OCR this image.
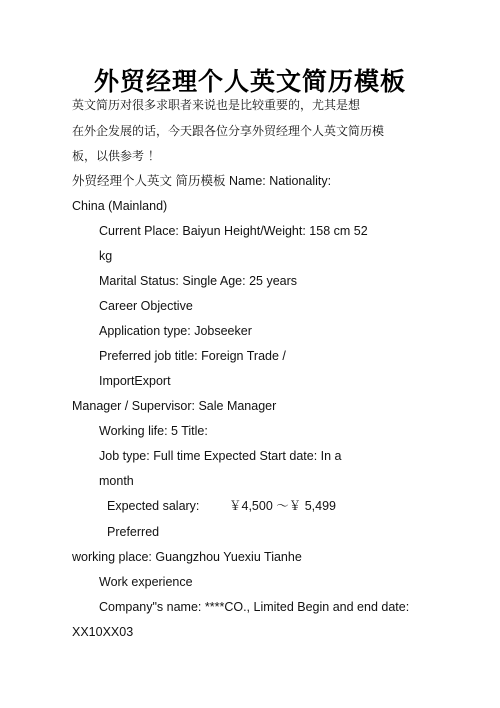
外贸经理个人英文简历模板
英文简历对很多求职者来说也是比较重要的，尤其是想
在外企发展的话，今天跟各位分享外贸经理个人英文简历模
板，以供参考 ！
外贸经理个人英文 简历模板 Name: Nationality:
China (Mainland)
Current Place: Baiyun Height/Weight: 158 cm 52
kg
Marital Status: Single Age: 25 years
Career Objective
Application type: Jobseeker
Preferred job title: Foreign Trade /
ImportExport
Manager / Supervisor: Sale Manager
Working life: 5 Title:
Job type: Full time Expected Start date: In a
month
Expected salary: ￥4,500 ～￥ 5,499
Preferred
working place: Guangzhou Yuexiu Tianhe
Work experience
Company"s name: ****CO., Limited Begin and end date:
XX10XX03
